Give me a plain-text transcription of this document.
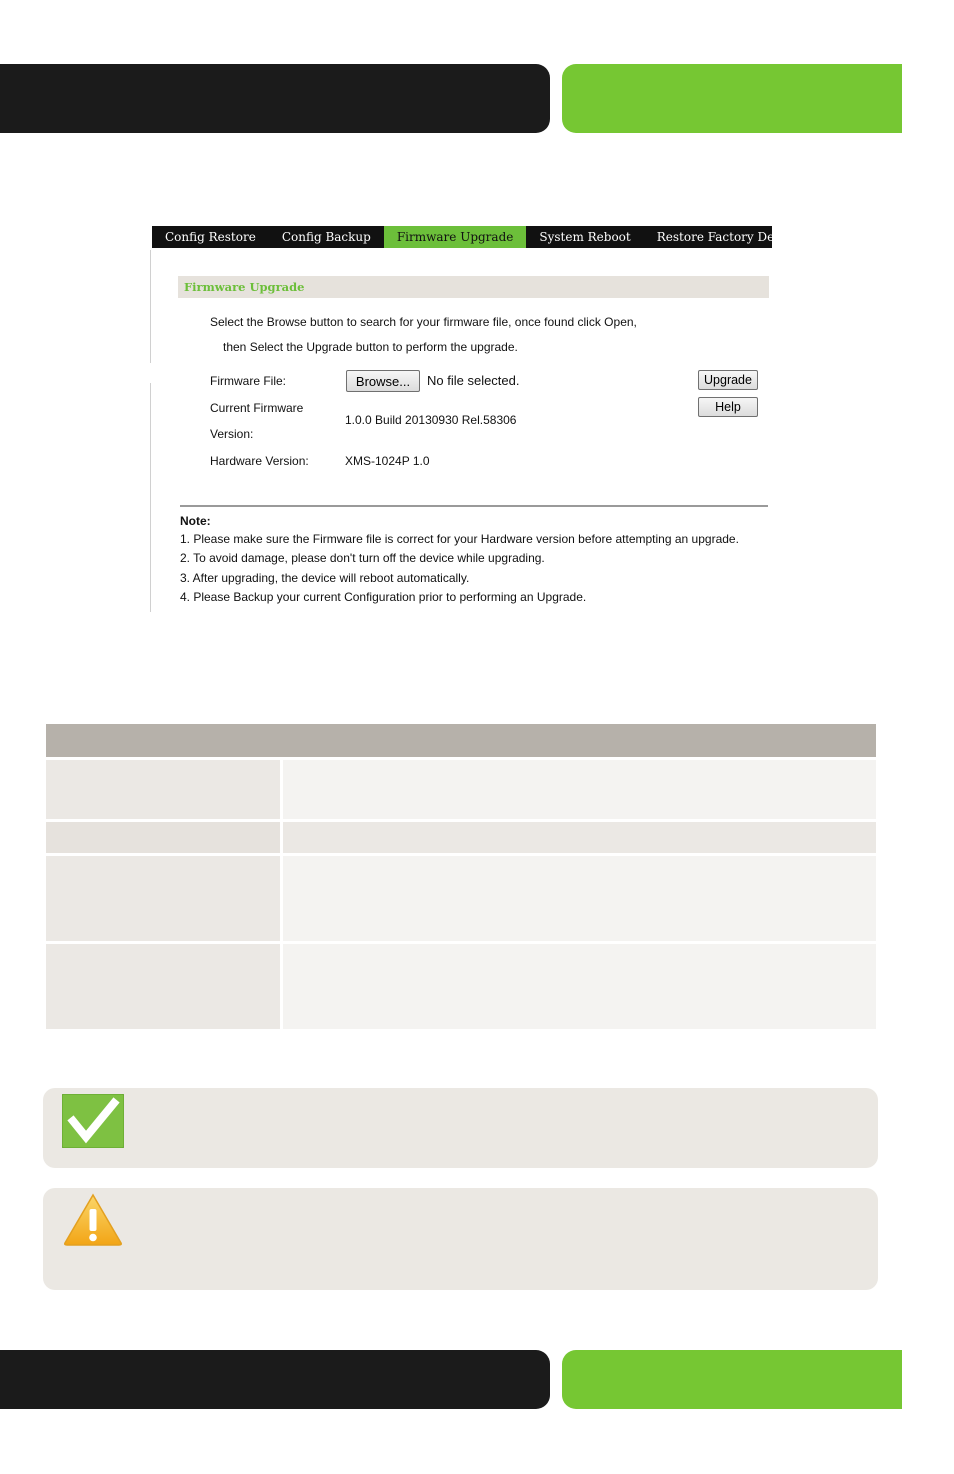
Config Restore	Config Backup	Firmware Upgrade	System Reboot	Restore Factory Defaults
Firmware Upgrade
Select the Browse button to search for your firmware file, once found click Open,
then Select the Upgrade button to perform the upgrade.
Firmware File:	Browse...	No file selected.	Upgrade
Help
Current Firmware
Version:
1.0.0 Build 20130930 Rel.58306
Hardware Version:	XMS-1024P 1.0
Note:
1. Please make sure the Firmware file is correct for your Hardware version before attempting an upgrade.
2. To avoid damage, please don't turn off the device while upgrading.
3. After upgrading, the device will reboot automatically.
4. Please Backup your current Configuration prior to performing an Upgrade.
